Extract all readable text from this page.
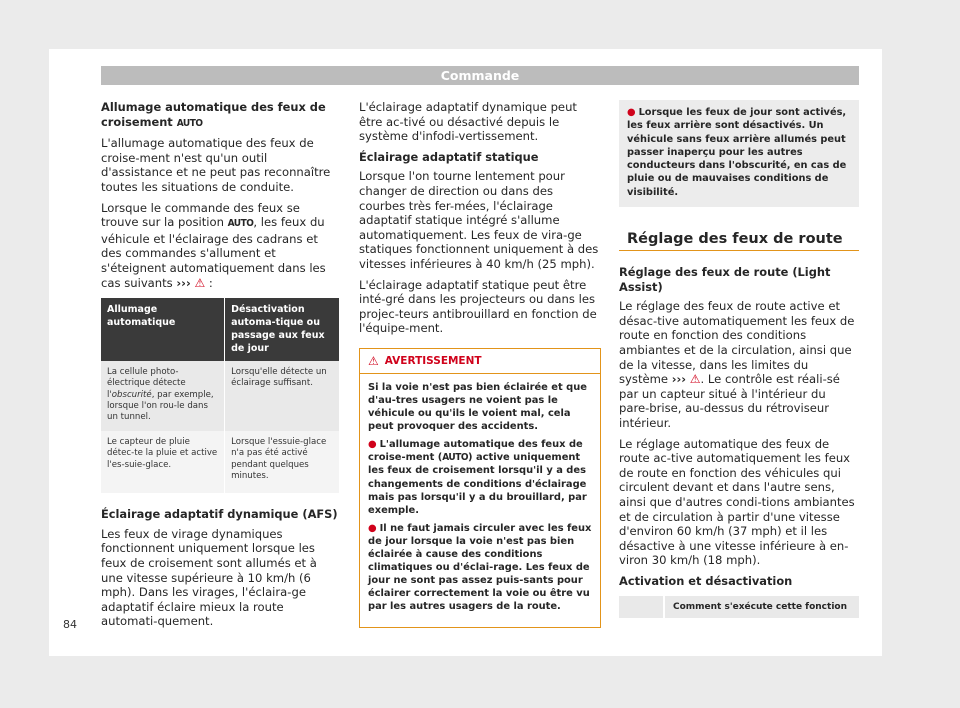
Commande
Allumage automatique des feux de croisement AUTO
L'allumage automatique des feux de croise-ment n'est qu'un outil d'assistance et ne peut pas reconnaître toutes les situations de conduite.
Lorsque le commande des feux se trouve sur la position AUTO, les feux du véhicule et l'éclairage des cadrans et des commandes s'allument et s'éteignent automatiquement dans les cas suivants ››› ⚠ :
Allumage automatique	Désactivation automa-tique ou passage aux feux de jour
La cellule photo-électrique détecte l'obscurité, par exemple, lorsque l'on rou-le dans un tunnel.	Lorsqu'elle détecte un éclairage suffisant.
Le capteur de pluie détec-te la pluie et active l'es-suie-glace.	Lorsque l'essuie-glace n'a pas été activé pendant quelques minutes.
Éclairage adaptatif dynamique (AFS)
Les feux de virage dynamiques fonctionnent uniquement lorsque les feux de croisement sont allumés et à une vitesse supérieure à 10 km/h (6 mph). Dans les virages, l'éclaira-ge adaptatif éclaire mieux la route automati-quement.
L'éclairage adaptatif dynamique peut être ac-tivé ou désactivé depuis le système d'infodi-vertissement.
Éclairage adaptatif statique
Lorsque l'on tourne lentement pour changer de direction ou dans des courbes très fer-mées, l'éclairage adaptatif statique intégré s'allume automatiquement. Les feux de vira-ge statiques fonctionnent uniquement à des vitesses inférieures à 40 km/h (25 mph).
L'éclairage adaptatif statique peut être inté-gré dans les projecteurs ou dans les projec-teurs antibrouillard en fonction de l'équipe-ment.
⚠ AVERTISSEMENT

Si la voie n'est pas bien éclairée et que d'au-tres usagers ne voient pas le véhicule ou qu'ils le voient mal, cela peut provoquer des accidents.

● L'allumage automatique des feux de croise-ment (AUTO) active uniquement les feux de croisement lorsqu'il y a des changements de conditions d'éclairage mais pas lorsqu'il y a du brouillard, par exemple.

● Il ne faut jamais circuler avec les feux de jour lorsque la voie n'est pas bien éclairée à cause des conditions climatiques ou d'éclai-rage. Les feux de jour ne sont pas assez puis-sants pour éclairer correctement la voie ou être vu par les autres usagers de la route.

● Lorsque les feux de jour sont activés, les feux arrière sont désactivés. Un véhicule sans feux arrière allumés peut passer inaperçu pour les autres conducteurs dans l'obscurité, en cas de pluie ou de mauvaises conditions de visibilité.
Réglage des feux de route
Réglage des feux de route (Light Assist)
Le réglage des feux de route active et désac-tive automatiquement les feux de route en fonction des conditions ambiantes et de la circulation, ainsi que de la vitesse, dans les limites du système ››› ⚠. Le contrôle est réali-sé par un capteur situé à l'intérieur du pare-brise, au-dessus du rétroviseur intérieur.
Le réglage automatique des feux de route ac-tive automatiquement les feux de route en fonction des véhicules qui circulent devant et dans l'autre sens, ainsi que d'autres condi-tions ambiantes et de circulation à partir d'une vitesse d'environ 60 km/h (37 mph) et il les désactive à une vitesse inférieure à en-viron 30 km/h (18 mph).
Activation et désactivation
Comment s'exécute cette fonction
84
